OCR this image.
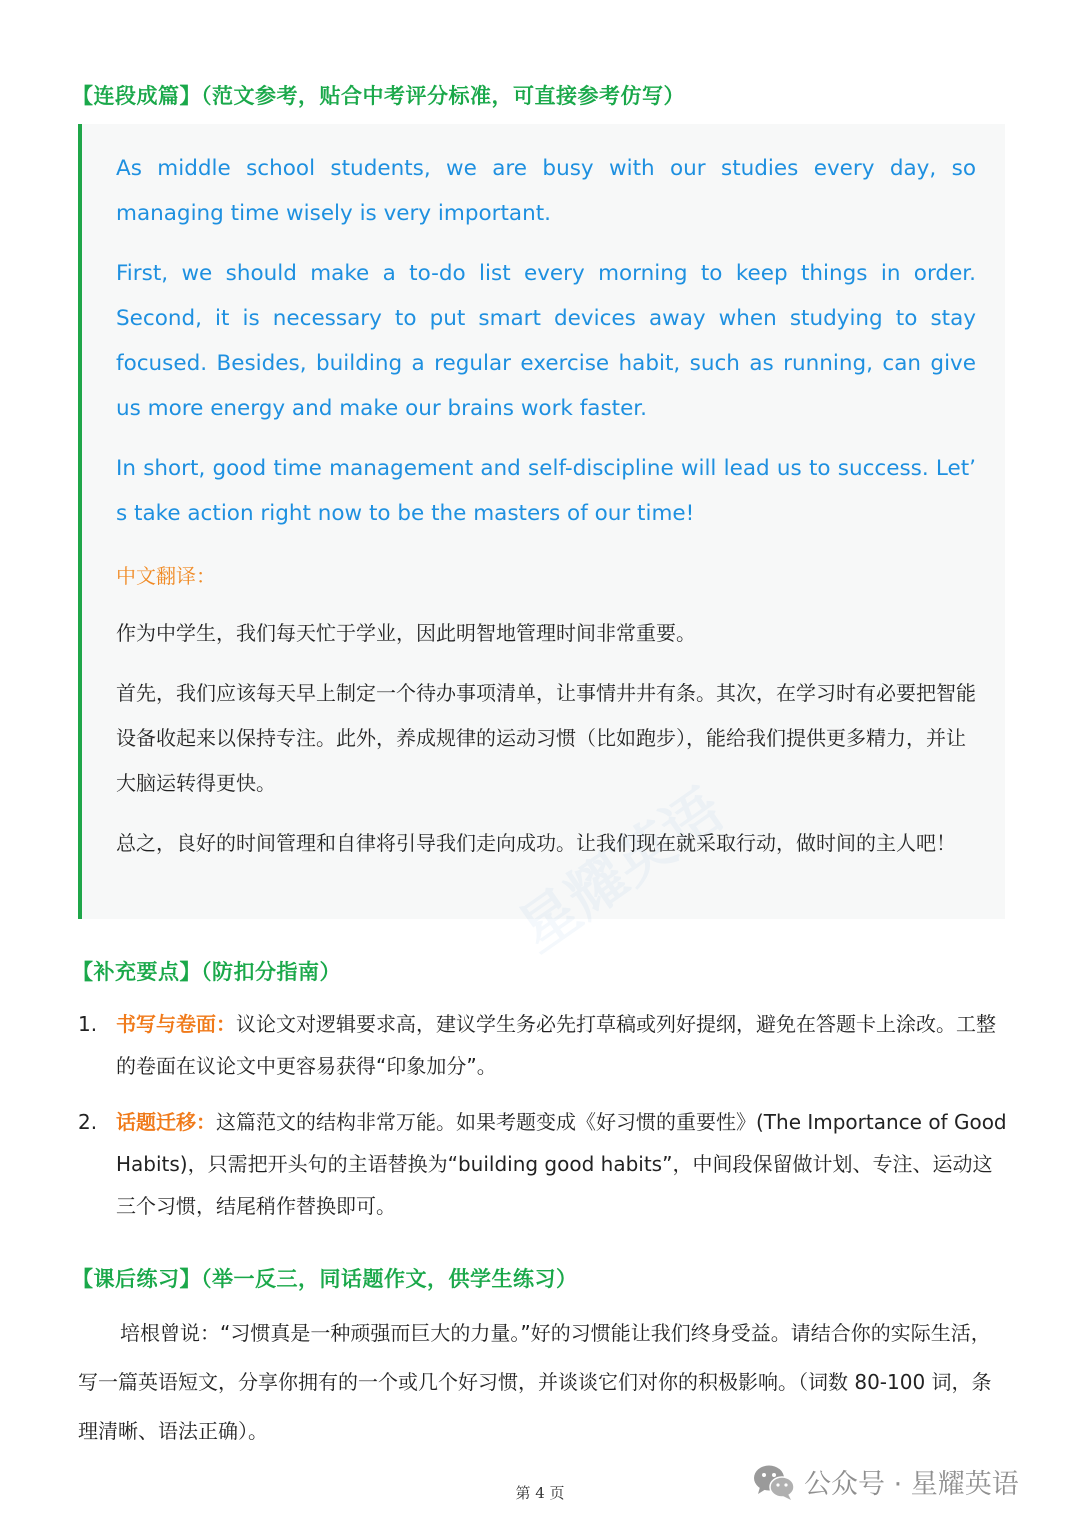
【连段成篇】（范文参考，贴合中考评分标准，可直接参考仿写）
星耀英语
As middle school students, we are busy with our studies every day, so managing time wisely is very important.
First, we should make a to-do list every morning to keep things in order. Second, it is necessary to put smart devices away when studying to stay focused. Besides, building a regular exercise habit, such as running, can give us more energy and make our brains work faster.
In short, good time management and self-discipline will lead us to success. Let’ s take action right now to be the masters of our time!
中文翻译：
作为中学生，我们每天忙于学业，因此明智地管理时间非常重要。
首先，我们应该每天早上制定一个待办事项清单，让事情井井有条。其次，在学习时有必要把智能设备收起来以保持专注。此外，养成规律的运动习惯（比如跑步），能给我们提供更多精力，并让大脑运转得更快。
总之，良好的时间管理和自律将引导我们走向成功。让我们现在就采取行动，做时间的主人吧！
【补充要点】（防扣分指南）
1. 书写与卷面：议论文对逻辑要求高，建议学生务必先打草稿或列好提纲，避免在答题卡上涂改。工整的卷面在议论文中更容易获得“印象加分”。
2. 话题迁移：这篇范文的结构非常万能。如果考题变成《好习惯的重要性》(The Importance of Good Habits)，只需把开头句的主语替换为“building good habits”，中间段保留做计划、专注、运动这三个习惯，结尾稍作替换即可。
【课后练习】（举一反三，同话题作文，供学生练习）
培根曾说：“习惯真是一种顽强而巨大的力量。”好的习惯能让我们终身受益。请结合你的实际生活，写一篇英语短文，分享你拥有的一个或几个好习惯，并谈谈它们对你的积极影响。（词数 80-100 词，条理清晰、语法正确）。
第 4 页	公众号 · 星耀英语
